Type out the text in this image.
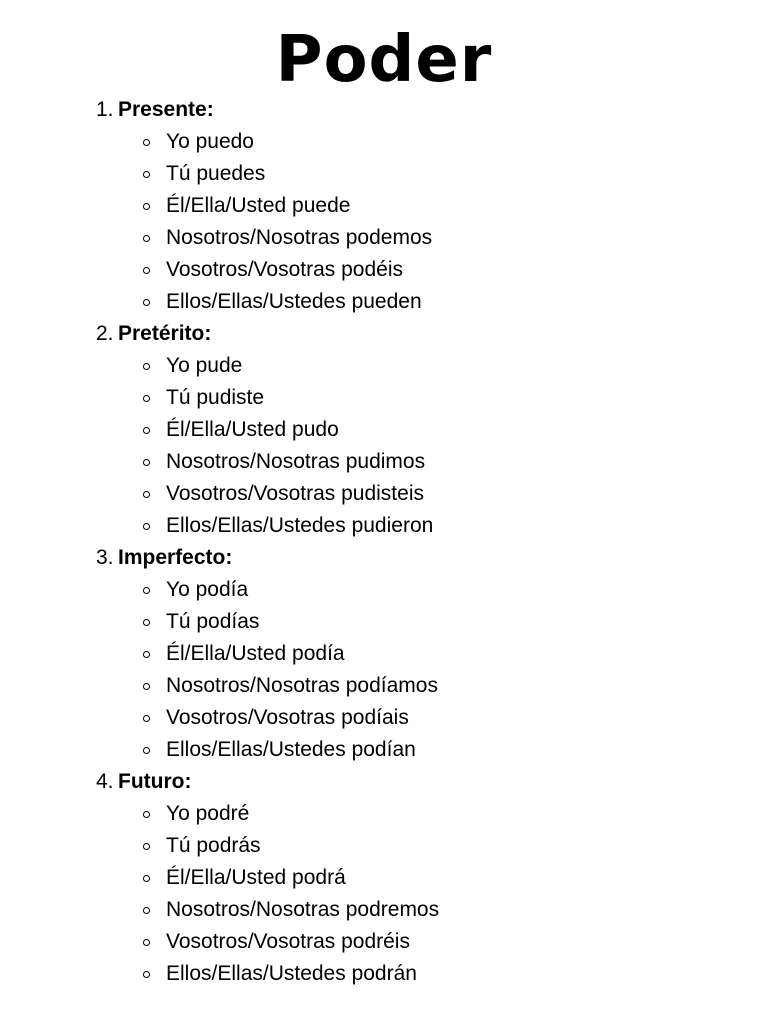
Poder
1. Presente:
Yo puedo
Tú puedes
Él/Ella/Usted puede
Nosotros/Nosotras podemos
Vosotros/Vosotras podéis
Ellos/Ellas/Ustedes pueden
2. Pretérito:
Yo pude
Tú pudiste
Él/Ella/Usted pudo
Nosotros/Nosotras pudimos
Vosotros/Vosotras pudisteis
Ellos/Ellas/Ustedes pudieron
3. Imperfecto:
Yo podía
Tú podías
Él/Ella/Usted podía
Nosotros/Nosotras podíamos
Vosotros/Vosotras podíais
Ellos/Ellas/Ustedes podían
4. Futuro:
Yo podré
Tú podrás
Él/Ella/Usted podrá
Nosotros/Nosotras podremos
Vosotros/Vosotras podréis
Ellos/Ellas/Ustedes podrán
